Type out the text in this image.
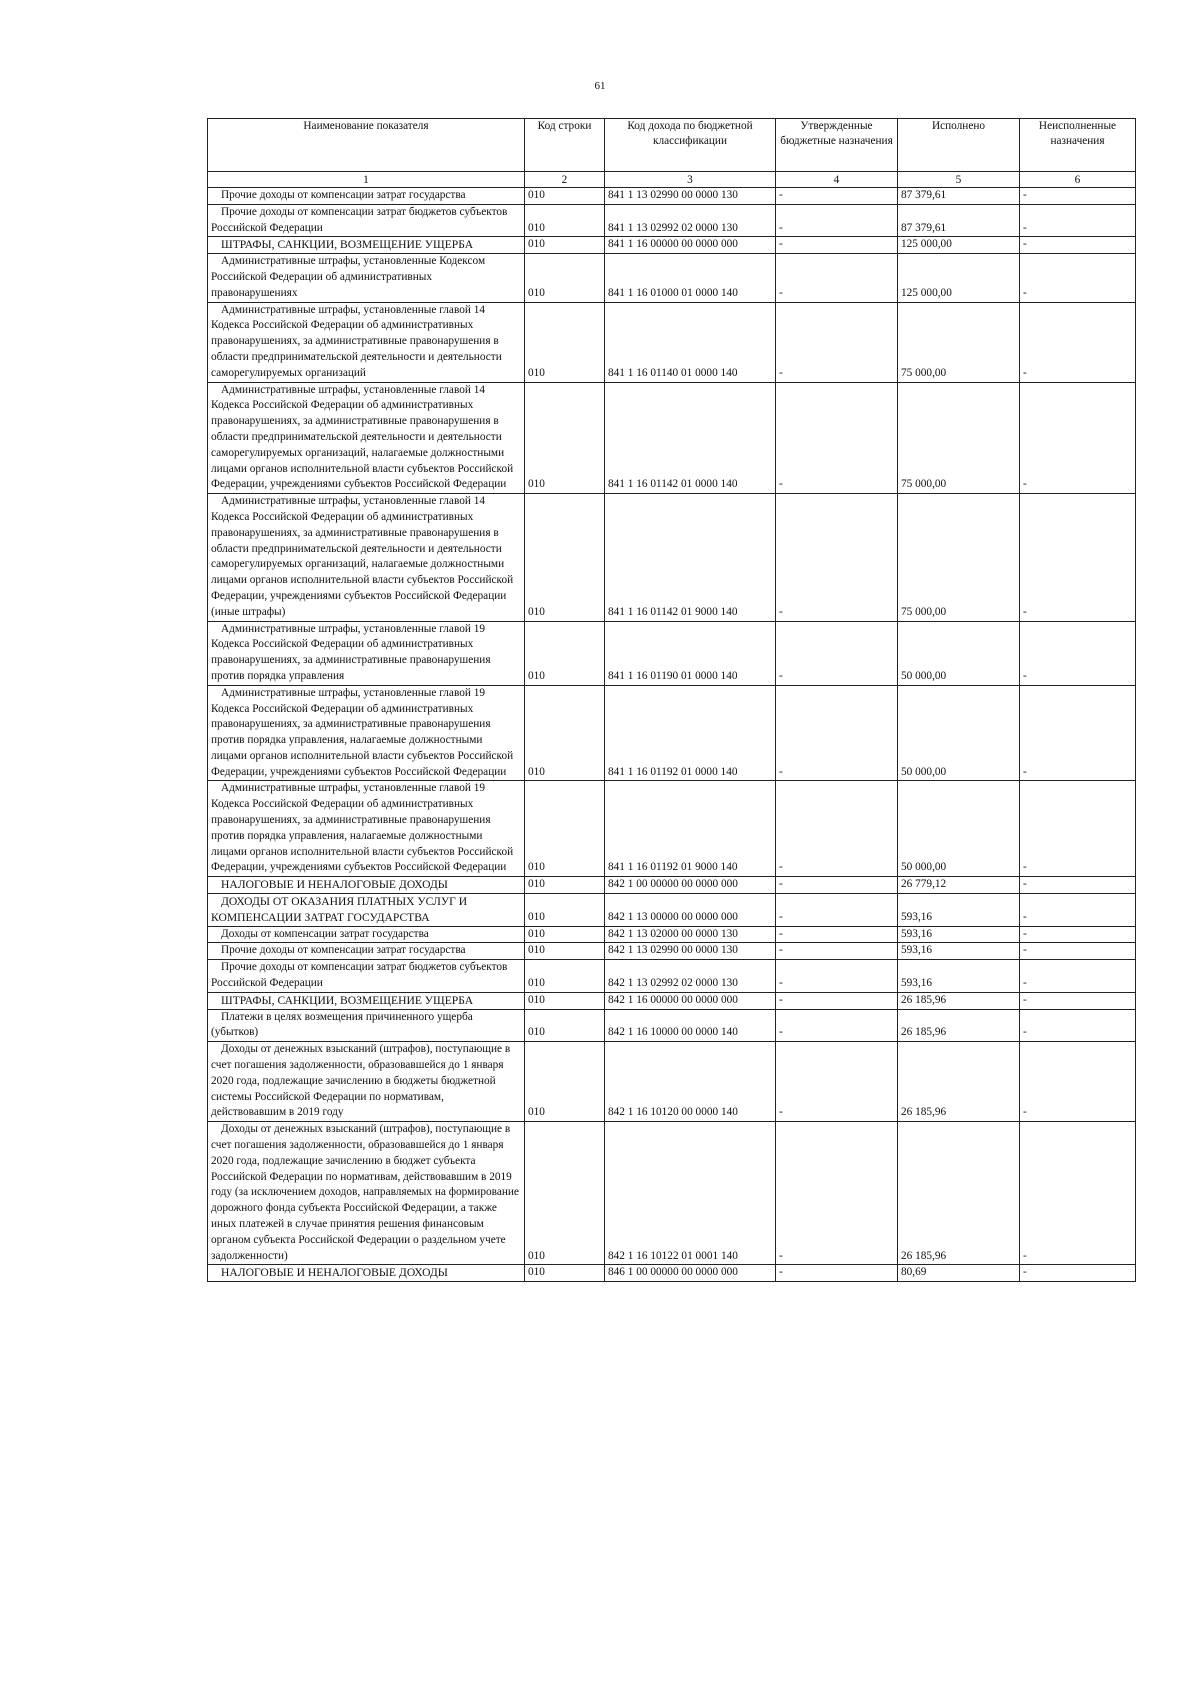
61
Наименование показателя	Код строки	Код дохода по бюджетной классификации	Утвержденные бюджетные назначения	Исполнено	Неисполненные назначения
1	2	3	4	5	6

Прочие доходы от компенсации затрат государства	010	841 1 13 02990 00 0000 130	-	87 379,61	-

Прочие доходы от компенсации затрат бюджетов субъектов Российской Федерации	010	841 1 13 02992 02 0000 130	-	87 379,61	-

ШТРАФЫ, САНКЦИИ, ВОЗМЕЩЕНИЕ УЩЕРБА	010	841 1 16 00000 00 0000 000	-	125 000,00	-

Административные штрафы, установленные Кодексом Российской Федерации об административных правонарушениях	010	841 1 16 01000 01 0000 140	-	125 000,00	-

Административные штрафы, установленные главой 14 Кодекса Российской Федерации об административных правонарушениях, за административные правонарушения в области предпринимательской деятельности и деятельности саморегулируемых организаций	010	841 1 16 01140 01 0000 140	-	75 000,00	-

Административные штрафы, установленные главой 14 Кодекса Российской Федерации об административных правонарушениях, за административные правонарушения в области предпринимательской деятельности и деятельности саморегулируемых организаций, налагаемые должностными лицами органов исполнительной власти субъектов Российской Федерации, учреждениями субъектов Российской Федерации	010	841 1 16 01142 01 0000 140	-	75 000,00	-

Административные штрафы, установленные главой 14 Кодекса Российской Федерации об административных правонарушениях, за административные правонарушения в области предпринимательской деятельности и деятельности саморегулируемых организаций, налагаемые должностными лицами органов исполнительной власти субъектов Российской Федерации, учреждениями субъектов Российской Федерации (иные штрафы)	010	841 1 16 01142 01 9000 140	-	75 000,00	-

Административные штрафы, установленные главой 19 Кодекса Российской Федерации об административных правонарушениях, за административные правонарушения против порядка управления	010	841 1 16 01190 01 0000 140	-	50 000,00	-

Административные штрафы, установленные главой 19 Кодекса Российской Федерации об административных правонарушениях, за административные правонарушения против порядка управления, налагаемые должностными лицами органов исполнительной власти субъектов Российской Федерации, учреждениями субъектов Российской Федерации	010	841 1 16 01192 01 0000 140	-	50 000,00	-

Административные штрафы, установленные главой 19 Кодекса Российской Федерации об административных правонарушениях, за административные правонарушения против порядка управления, налагаемые должностными лицами органов исполнительной власти субъектов Российской Федерации, учреждениями субъектов Российской Федерации	010	841 1 16 01192 01 9000 140	-	50 000,00	-

НАЛОГОВЫЕ И НЕНАЛОГОВЫЕ ДОХОДЫ	010	842 1 00 00000 00 0000 000	-	26 779,12	-

ДОХОДЫ ОТ ОКАЗАНИЯ ПЛАТНЫХ УСЛУГ И КОМПЕНСАЦИИ ЗАТРАТ ГОСУДАРСТВА	010	842 1 13 00000 00 0000 000	-	593,16	-

Доходы от компенсации затрат государства	010	842 1 13 02000 00 0000 130	-	593,16	-

Прочие доходы от компенсации затрат государства	010	842 1 13 02990 00 0000 130	-	593,16	-

Прочие доходы от компенсации затрат бюджетов субъектов Российской Федерации	010	842 1 13 02992 02 0000 130	-	593,16	-

ШТРАФЫ, САНКЦИИ, ВОЗМЕЩЕНИЕ УЩЕРБА	010	842 1 16 00000 00 0000 000	-	26 185,96	-

Платежи в целях возмещения причиненного ущерба (убытков)	010	842 1 16 10000 00 0000 140	-	26 185,96	-

Доходы от денежных взысканий (штрафов), поступающие в счет погашения задолженности, образовавшейся до 1 января 2020 года, подлежащие зачислению в бюджеты бюджетной системы Российской Федерации по нормативам, действовавшим в 2019 году	010	842 1 16 10120 00 0000 140	-	26 185,96	-

Доходы от денежных взысканий (штрафов), поступающие в счет погашения задолженности, образовавшейся до 1 января 2020 года, подлежащие зачислению в бюджет субъекта Российской Федерации по нормативам, действовавшим в 2019 году (за исключением доходов, направляемых на формирование дорожного фонда субъекта Российской Федерации, а также иных платежей в случае принятия решения финансовым органом субъекта Российской Федерации о раздельном учете задолженности)	010	842 1 16 10122 01 0001 140	-	26 185,96	-

НАЛОГОВЫЕ И НЕНАЛОГОВЫЕ ДОХОДЫ	010	846 1 00 00000 00 0000 000	-	80,69	-
